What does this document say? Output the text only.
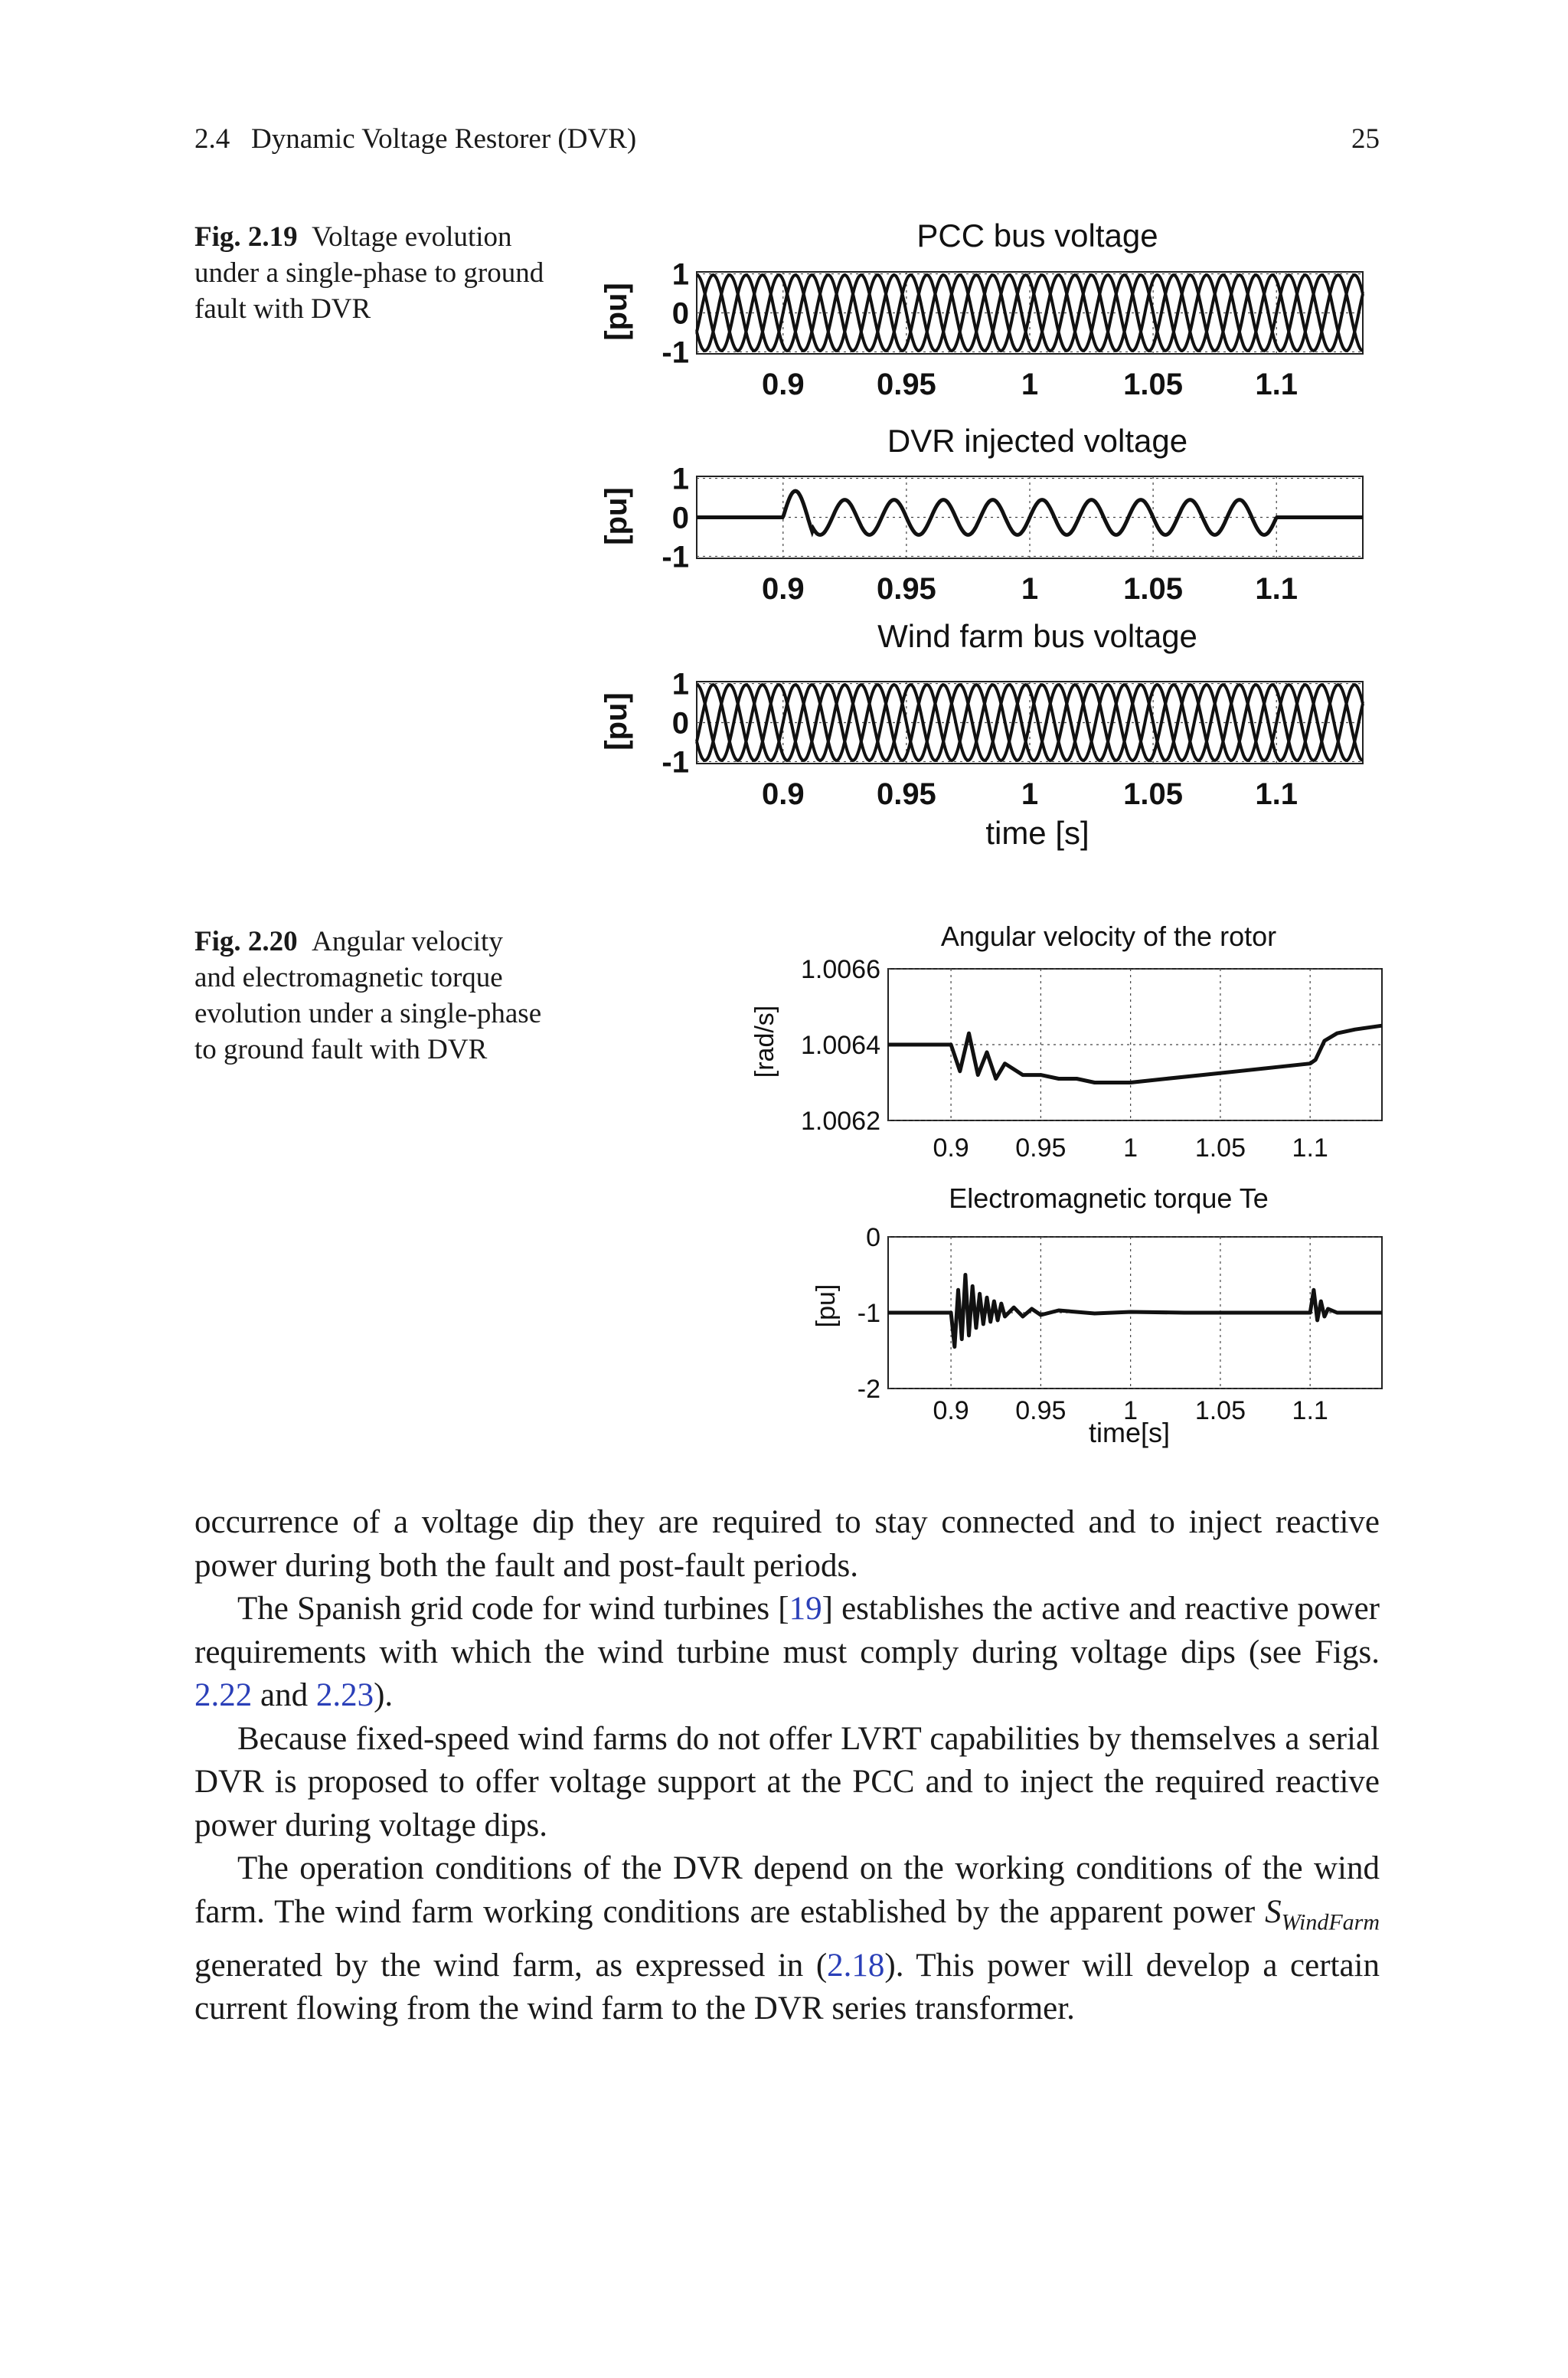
2.4   Dynamic Voltage Restorer (DVR)	25
Fig. 2.19 Voltage evolution under a single-phase to ground fault with DVR
Fig. 2.20 Angular velocity and electromagnetic torque evolution under a single-phase to ground fault with DVR
PCC bus voltage
[pu]
0.9 0.95	1	1.05 1.1
1
0
-1
DVR injected voltage
[pu]
0.9 0.95	1	1.05 1.1
1
0
-1
Wind farm bus voltage
[pu]
0.9 0.95	1	1.05 1.1
1
0
-1
time [s]
Angular velocity of the rotor
[rad/s]
0.9 0.95 1 1.05 1.1
1.0066
1.0064
1.0062
Electromagnetic torque Te
[pu]
0.9 0.95 1 1.05 1.1
0
-1
-2
time[s]

occurrence of a voltage dip they are required to stay connected and to inject reactive power during both the fault and post-fault periods.

The Spanish grid code for wind turbines [19] establishes the active and reactive power requirements with which the wind turbine must comply during voltage dips (see Figs. 2.22 and 2.23).

Because fixed-speed wind farms do not offer LVRT capabilities by themselves a serial DVR is proposed to offer voltage support at the PCC and to inject the required reactive power during voltage dips.

The operation conditions of the DVR depend on the working conditions of the wind farm. The wind farm working conditions are established by the apparent power $S_{WindFarm}$ generated by the wind farm, as expressed in (2.18). This power will develop a certain current flowing from the wind farm to the DVR series transformer.
